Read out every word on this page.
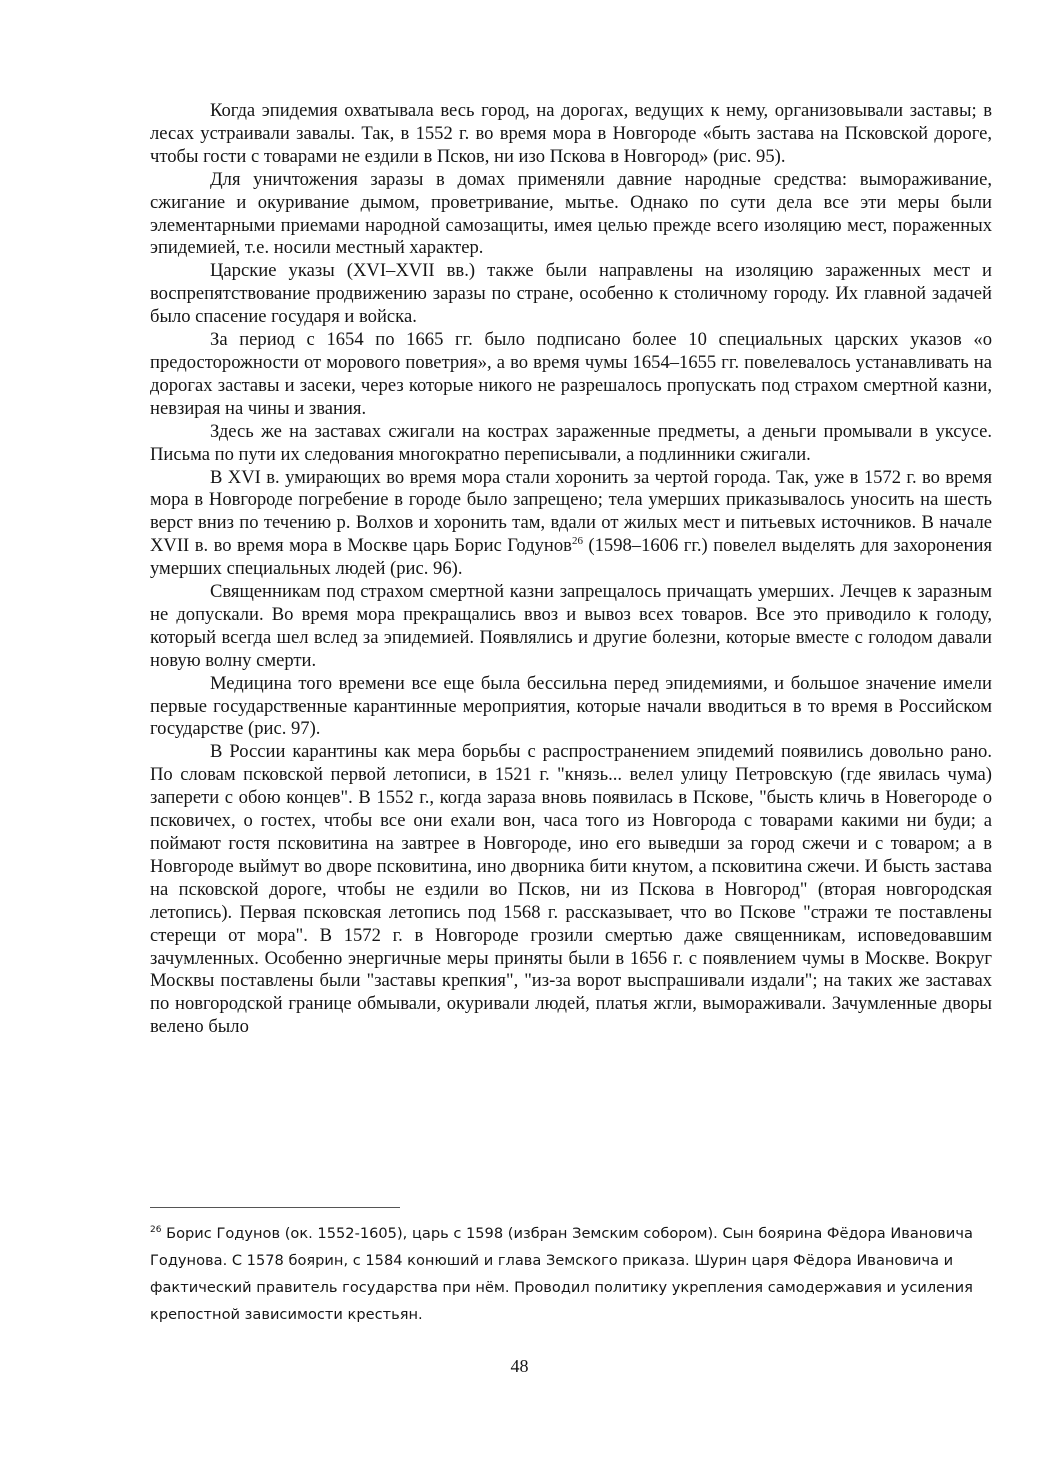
Когда эпидемия охватывала весь город, на дорогах, ведущих к нему, организовывали заставы; в лесах устраивали завалы. Так, в 1552 г. во время мора в Новгороде «быть застава на Псковской дороге, чтобы гости с товарами не ездили в Псков, ни изо Пскова в Новгород» (рис. 95).

Для уничтожения заразы в домах применяли давние народные средства: вымораживание, сжигание и окуривание дымом, проветривание, мытье. Однако по сути дела все эти меры были элементарными приемами народной самозащиты, имея целью прежде всего изоляцию мест, пораженных эпидемией, т.е. носили местный характер.

Царские указы (XVI–XVII вв.) также были направлены на изоляцию зараженных мест и воспрепятствование продвижению заразы по стране, особенно к столичному городу. Их главной задачей было спасение государя и войска.

За период с 1654 по 1665 гг. было подписано более 10 специальных царских указов «о предосторожности от морового поветрия», а во время чумы 1654–1655 гг. повелевалось устанавливать на дорогах заставы и засеки, через которые никого не разрешалось пропускать под страхом смертной казни, невзирая на чины и звания.

Здесь же на заставах сжигали на кострах зараженные предметы, а деньги промывали в уксусе. Письма по пути их следования многократно переписывали, а подлинники сжигали.

В XVI в. умирающих во время мора стали хоронить за чертой города. Так, уже в 1572 г. во время мора в Новгороде погребение в городе было запрещено; тела умерших приказывалось уносить на шесть верст вниз по течению р. Волхов и хоронить там, вдали от жилых мест и питьевых источников. В начале XVII в. во время мора в Москве царь Борис Годунов$^{26}$ (1598–1606 гг.) повелел выделять для захоронения умерших специальных людей (рис. 96).

Священникам под страхом смертной казни запрещалось причащать умерших. Лечцев к заразным не допускали. Во время мора прекращались ввоз и вывоз всех товаров. Все это приводило к голоду, который всегда шел вслед за эпидемией. Появлялись и другие болезни, которые вместе с голодом давали новую волну смерти.

Медицина того времени все еще была бессильна перед эпидемиями, и большое значение имели первые государственные карантинные мероприятия, которые начали вводиться в то время в Российском государстве (рис. 97).

В России карантины как мера борьбы с распространением эпидемий появились довольно рано. По словам псковской первой летописи, в 1521 г. "князь... велел улицу Петровскую (где явилась чума) заперети с обою концев". В 1552 г., когда зараза вновь появилась в Пскове, "бысть кличь в Новегороде о псковичех, о гостех, чтобы все они ехали вон, часа того из Новгорода с товарами какими ни буди; а поймают гостя псковитина на завтрее в Новгороде, ино его выведши за город сжечи и с товаром; а в Новгороде выймут во дворе псковитина, ино дворника бити кнутом, а псковитина сжечи. И бысть застава на псковской дороге, чтобы не ездили во Псков, ни из Пскова в Новгород" (вторая новгородская летопись). Первая псковская летопись под 1568 г. рассказывает, что во Пскове "стражи те поставлены стерещи от мора". В 1572 г. в Новгороде грозили смертью даже священникам, исповедовавшим зачумленных. Особенно энергичные меры приняты были в 1656 г. с появлением чумы в Москве. Вокруг Москвы поставлены были "заставы крепкия", "из-за ворот выспрашивали издали"; на таких же заставах по новгородской границе обмывали, окуривали людей, платья жгли, вымораживали. Зачумленные дворы велено было

$^{26}$ Борис Годунов (ок. 1552-1605), царь с 1598 (избран Земским собором). Сын боярина Фёдора Ивановича Годунова. С 1578 боярин, с 1584 конюший и глава Земского приказа. Шурин царя Фёдора Ивановича и фактический правитель государства при нём. Проводил политику укрепления самодержавия и усиления крепостной зависимости крестьян.

48
